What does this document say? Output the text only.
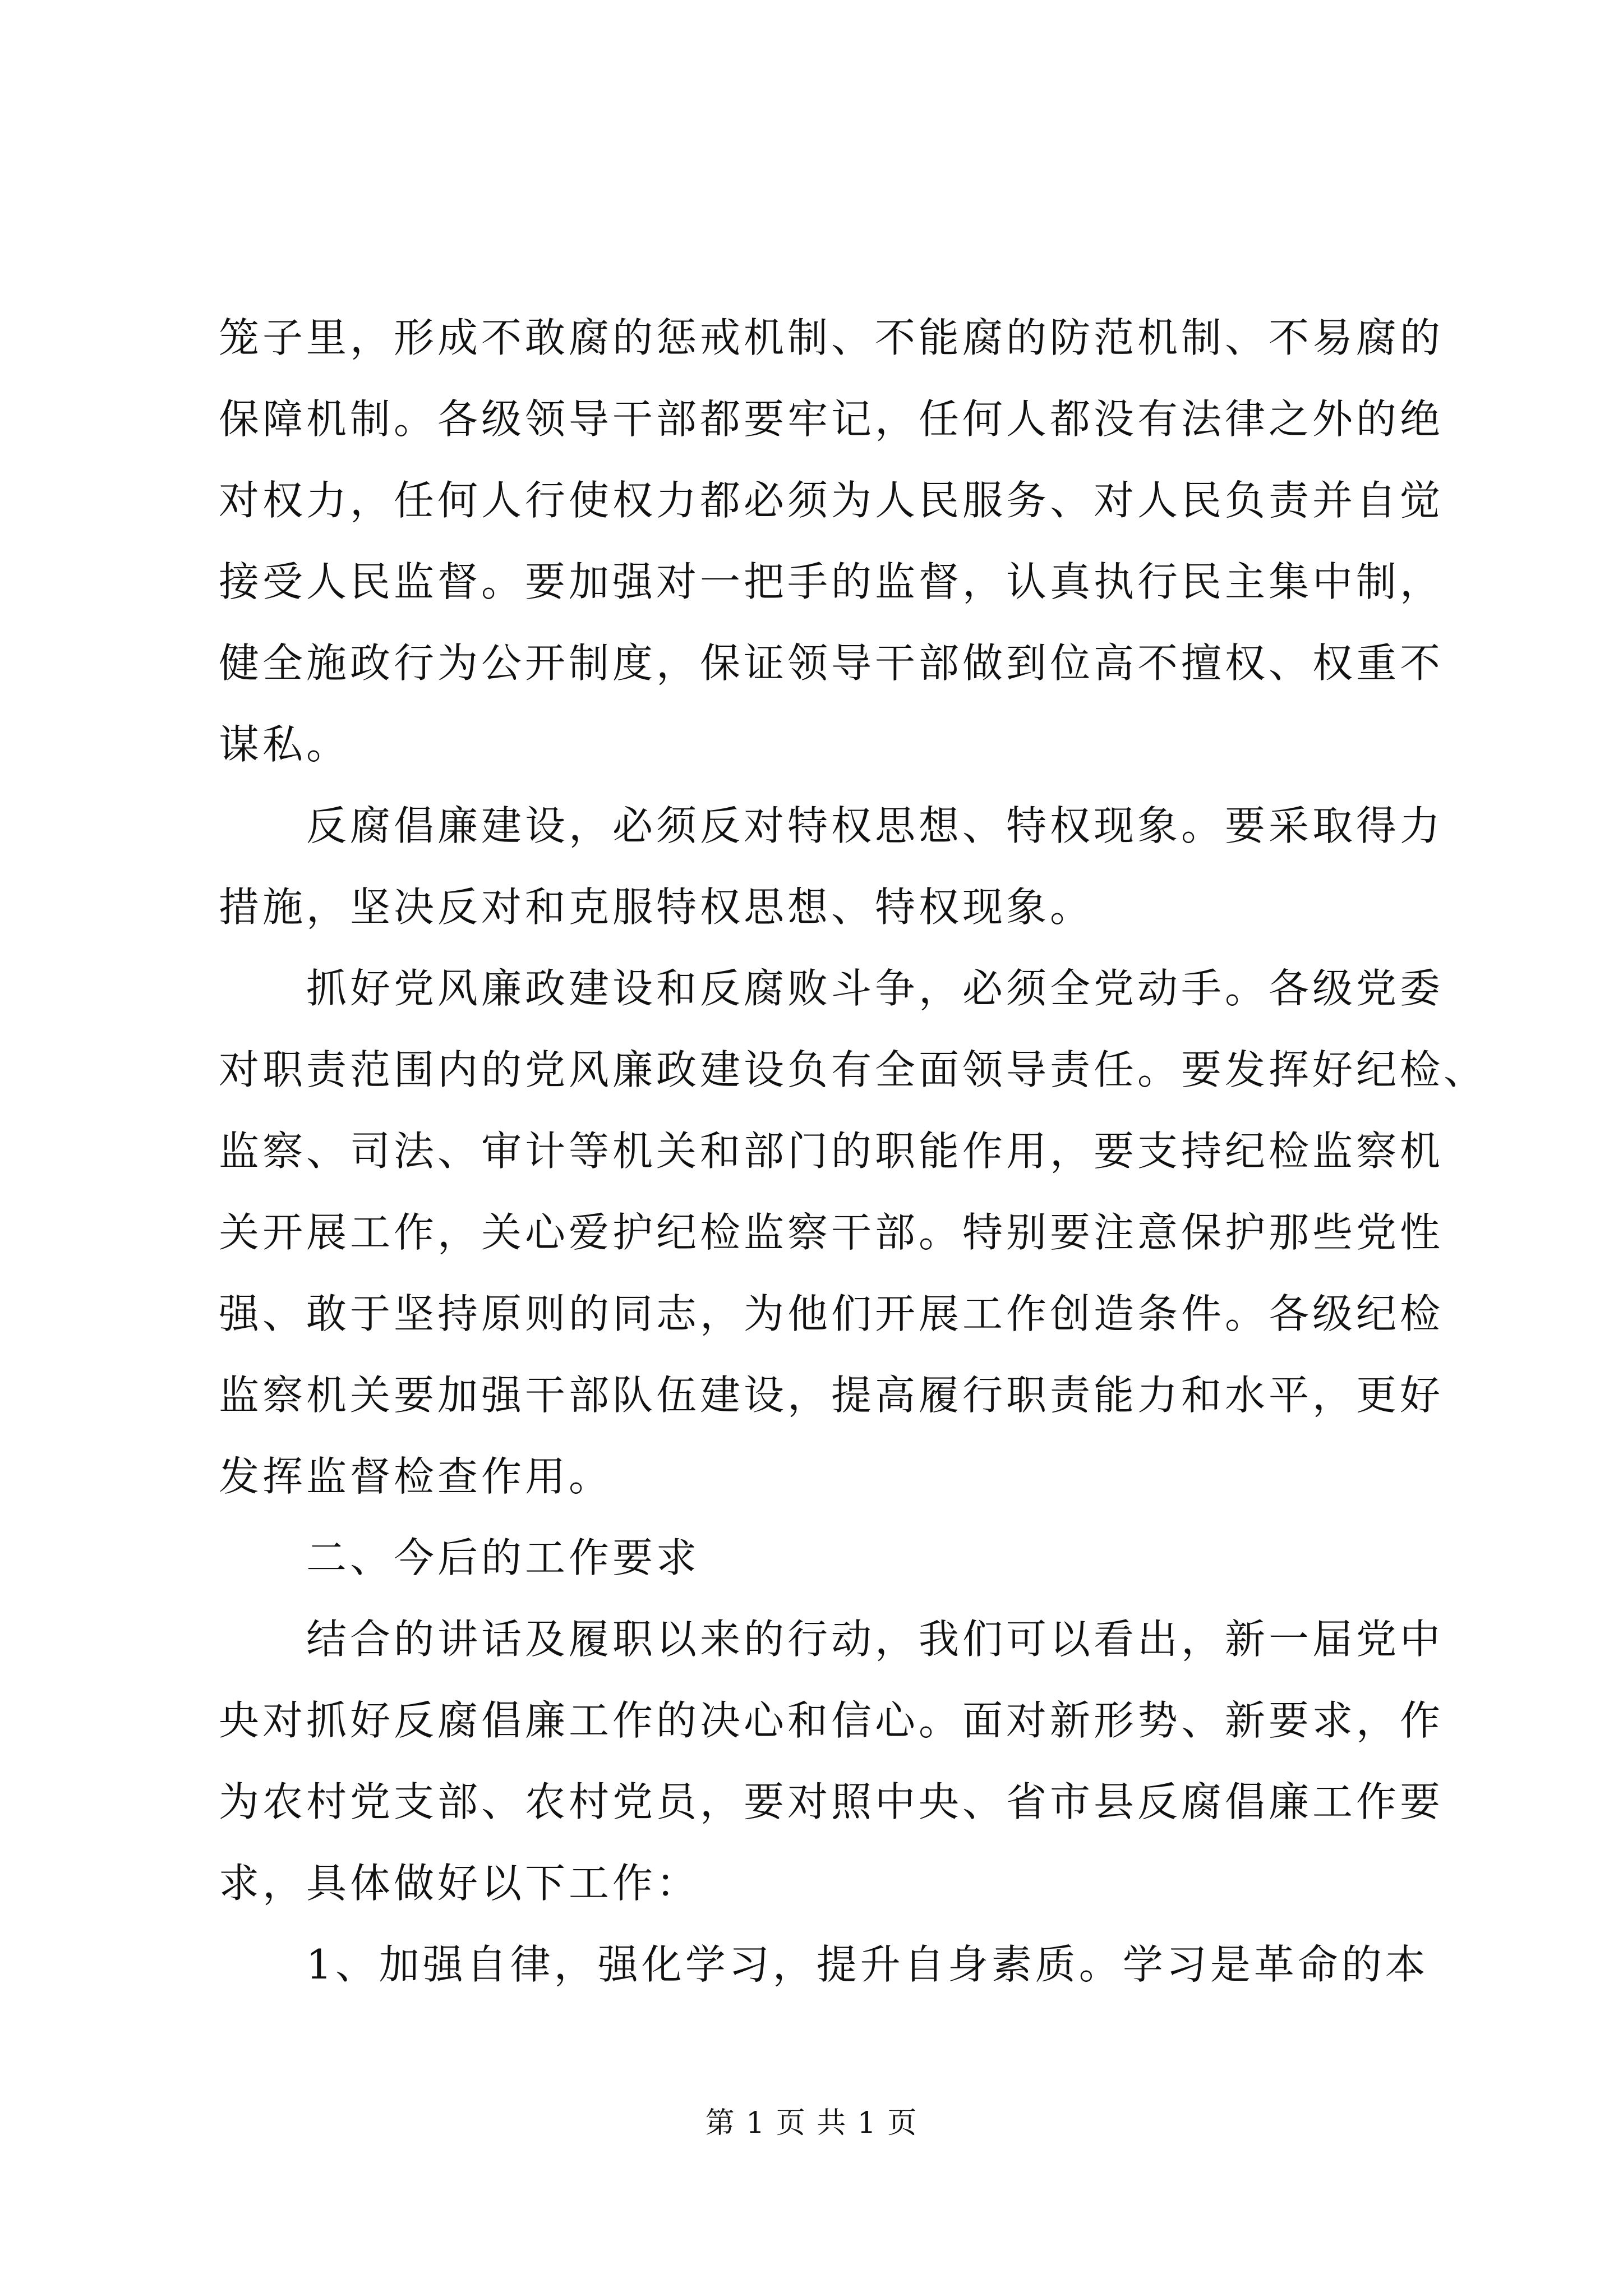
笼子里，形成不敢腐的惩戒机制、不能腐的防范机制、不易腐的
保障机制。各级领导干部都要牢记，任何人都没有法律之外的绝
对权力，任何人行使权力都必须为人民服务、对人民负责并自觉
接受人民监督。要加强对一把手的监督，认真执行民主集中制，
健全施政行为公开制度，保证领导干部做到位高不擅权、权重不
谋私。
反腐倡廉建设，必须反对特权思想、特权现象。要采取得力
措施，坚决反对和克服特权思想、特权现象。
抓好党风廉政建设和反腐败斗争，必须全党动手。各级党委
对职责范围内的党风廉政建设负有全面领导责任。要发挥好纪检、
监察、司法、审计等机关和部门的职能作用，要支持纪检监察机
关开展工作，关心爱护纪检监察干部。特别要注意保护那些党性
强、敢于坚持原则的同志，为他们开展工作创造条件。各级纪检
监察机关要加强干部队伍建设，提高履行职责能力和水平，更好
发挥监督检查作用。
二、今后的工作要求
结合的讲话及履职以来的行动，我们可以看出，新一届党中
央对抓好反腐倡廉工作的决心和信心。面对新形势、新要求，作
为农村党支部、农村党员，要对照中央、省市县反腐倡廉工作要
求，具体做好以下工作：
1、加强自律，强化学习，提升自身素质。学习是革命的本
第 1 页 共 1 页
